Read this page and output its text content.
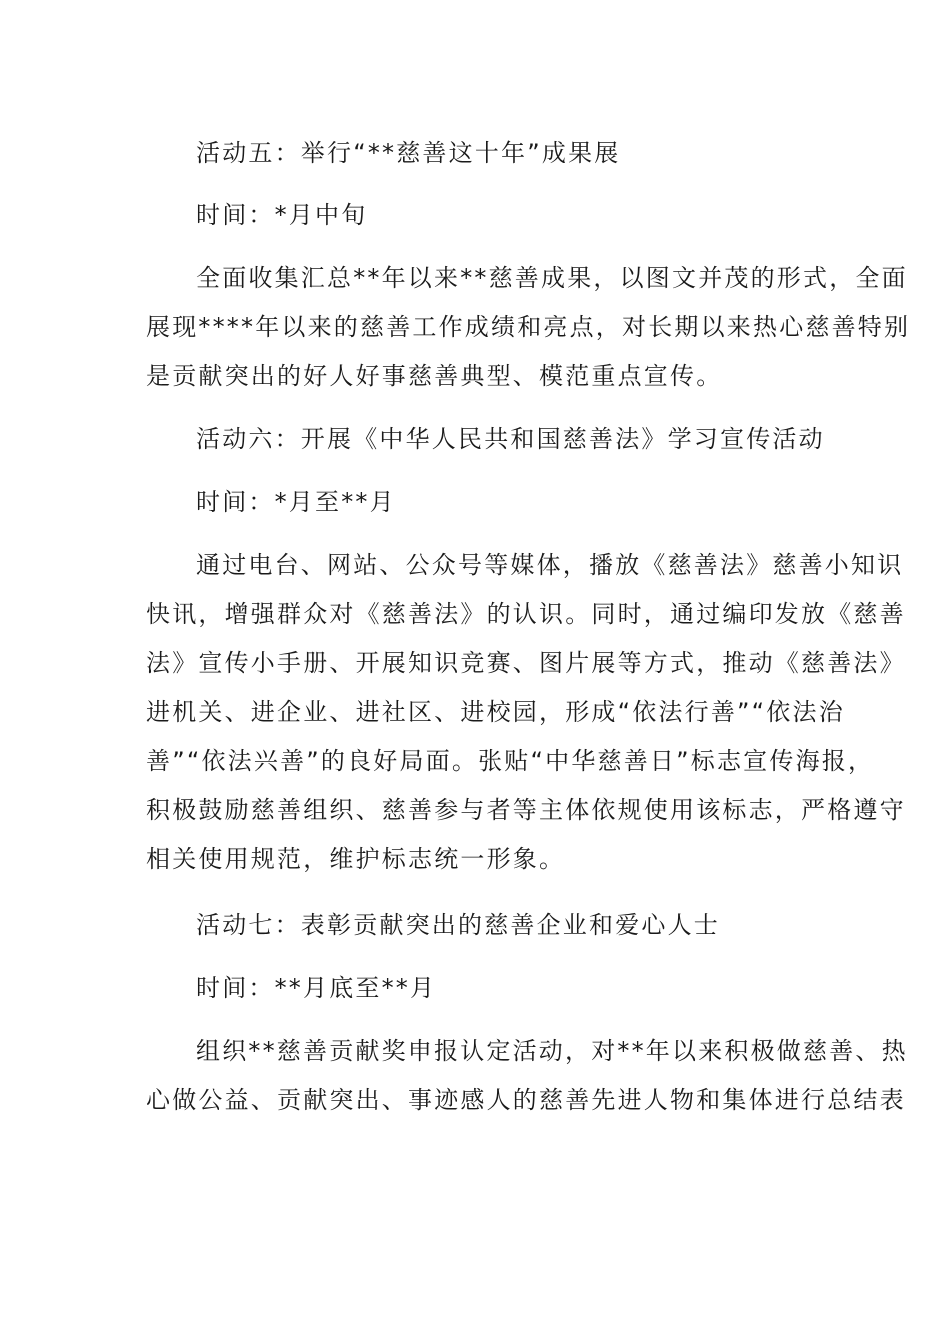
活动五：举行“**慈善这十年”成果展
时间：*月中旬
全面收集汇总**年以来**慈善成果，以图文并茂的形式，全面
展现****年以来的慈善工作成绩和亮点，对长期以来热心慈善特别
是贡献突出的好人好事慈善典型、模范重点宣传。
活动六：开展《中华人民共和国慈善法》学习宣传活动
时间：*月至**月
通过电台、网站、公众号等媒体，播放《慈善法》慈善小知识
快讯，增强群众对《慈善法》的认识。同时，通过编印发放《慈善
法》宣传小手册、开展知识竞赛、图片展等方式，推动《慈善法》
进机关、进企业、进社区、进校园，形成“依法行善”“依法治
善”“依法兴善”的良好局面。张贴“中华慈善日”标志宣传海报，
积极鼓励慈善组织、慈善参与者等主体依规使用该标志，严格遵守
相关使用规范，维护标志统一形象。
活动七：表彰贡献突出的慈善企业和爱心人士
时间：**月底至**月
组织**慈善贡献奖申报认定活动，对**年以来积极做慈善、热
心做公益、贡献突出、事迹感人的慈善先进人物和集体进行总结表
